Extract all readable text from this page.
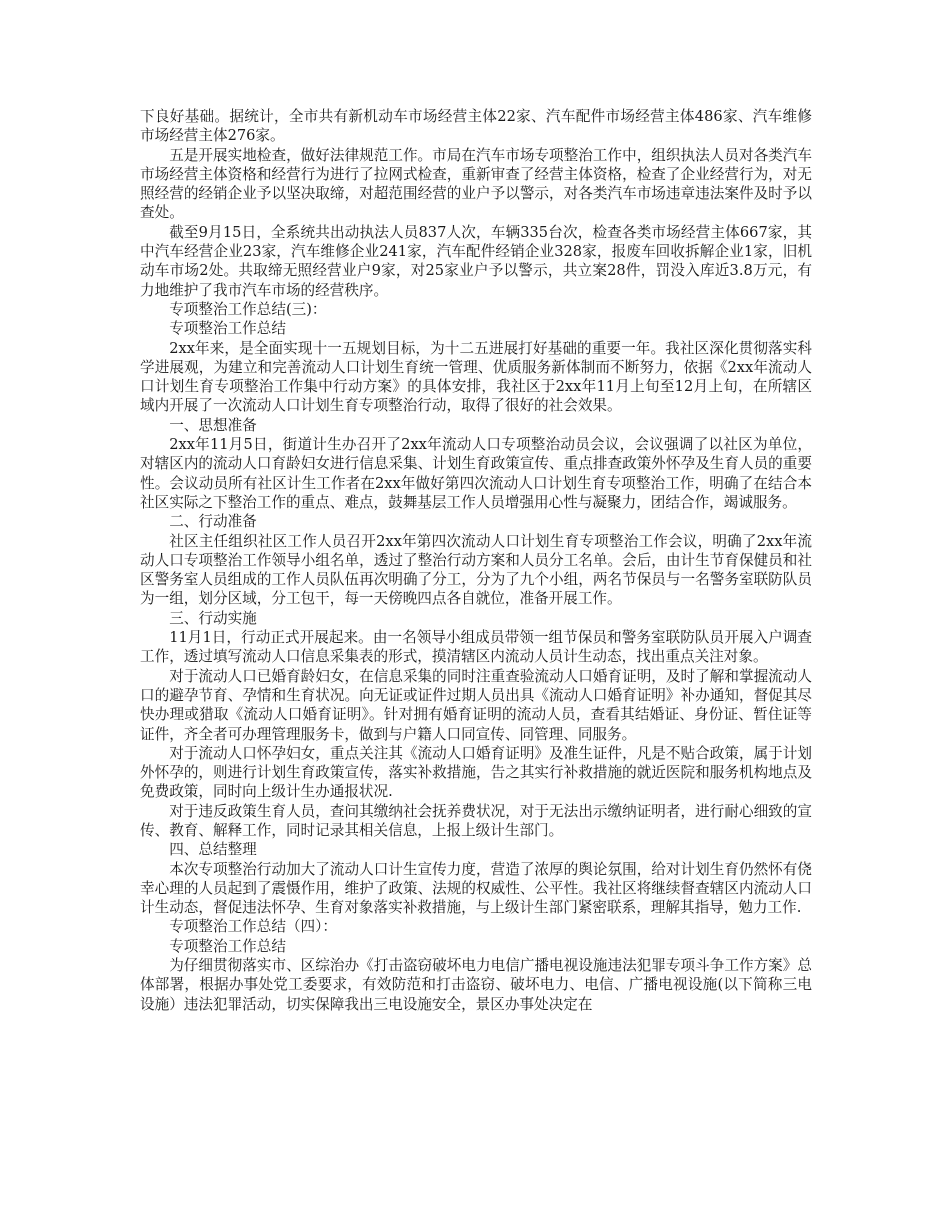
下良好基础。据统计，全市共有新机动车市场经营主体22家、汽车配件市场经营主体486家、汽车维修市场经营主体276家。

五是开展实地检查，做好法律规范工作。市局在汽车市场专项整治工作中，组织执法人员对各类汽车市场经营主体资格和经营行为进行了拉网式检查，重新审查了经营主体资格，检查了企业经营行为，对无照经营的经销企业予以坚决取缔，对超范围经营的业户予以警示，对各类汽车市场违章违法案件及时予以查处。

截至9月15日，全系统共出动执法人员837人次，车辆335台次，检查各类市场经营主体667家，其中汽车经营企业23家，汽车维修企业241家，汽车配件经销企业328家，报废车回收拆解企业1家，旧机动车市场2处。共取缔无照经营业户9家，对25家业户予以警示，共立案28件，罚没入库近3.8万元，有力地维护了我市汽车市场的经营秩序。

专项整治工作总结(三)：

专项整治工作总结

2xx年来，是全面实现十一五规划目标，为十二五进展打好基础的重要一年。我社区深化贯彻落实科学进展观，为建立和完善流动人口计划生育统一管理、优质服务新体制而不断努力，依据《2xx年流动人口计划生育专项整治工作集中行动方案》的具体安排，我社区于2xx年11月上旬至12月上旬，在所辖区域内开展了一次流动人口计划生育专项整治行动，取得了很好的社会效果。

一、思想准备

2xx年11月5日，街道计生办召开了2xx年流动人口专项整治动员会议，会议强调了以社区为单位，对辖区内的流动人口育龄妇女进行信息采集、计划生育政策宣传、重点排查政策外怀孕及生育人员的重要性。会议动员所有社区计生工作者在2xx年做好第四次流动人口计划生育专项整治工作，明确了在结合本社区实际之下整治工作的重点、难点，鼓舞基层工作人员增强用心性与凝聚力，团结合作，竭诚服务。

二、行动准备

社区主任组织社区工作人员召开2xx年第四次流动人口计划生育专项整治工作会议，明确了2xx年流动人口专项整治工作领导小组名单，透过了整治行动方案和人员分工名单。会后，由计生节育保健员和社区警务室人员组成的工作人员队伍再次明确了分工，分为了九个小组，两名节保员与一名警务室联防队员为一组，划分区域，分工包干，每一天傍晚四点各自就位，准备开展工作。

三、行动实施

11月1日，行动正式开展起来。由一名领导小组成员带领一组节保员和警务室联防队员开展入户调查工作，透过填写流动人口信息采集表的形式，摸清辖区内流动人员计生动态，找出重点关注对象。

对于流动人口已婚育龄妇女，在信息采集的同时注重查验流动人口婚育证明，及时了解和掌握流动人口的避孕节育、孕情和生育状况。向无证或证件过期人员出具《流动人口婚育证明》补办通知，督促其尽快办理或猎取《流动人口婚育证明》。针对拥有婚育证明的流动人员，查看其结婚证、身份证、暂住证等证件，齐全者可办理管理服务卡，做到与户籍人口同宣传、同管理、同服务。

对于流动人口怀孕妇女，重点关注其《流动人口婚育证明》及准生证件，凡是不贴合政策，属于计划外怀孕的，则进行计划生育政策宣传，落实补救措施，告之其实行补救措施的就近医院和服务机构地点及免费政策，同时向上级计生办通报状况.

对于违反政策生育人员，查问其缴纳社会抚养费状况，对于无法出示缴纳证明者，进行耐心细致的宣传、教育、解释工作，同时记录其相关信息，上报上级计生部门。

四、总结整理

本次专项整治行动加大了流动人口计生宣传力度，营造了浓厚的舆论氛围，给对计划生育仍然怀有侥幸心理的人员起到了震慑作用，维护了政策、法规的权威性、公平性。我社区将继续督查辖区内流动人口计生动态，督促违法怀孕、生育对象落实补救措施，与上级计生部门紧密联系，理解其指导，勉力工作.

专项整治工作总结（四）：

专项整治工作总结

为仔细贯彻落实市、区综治办《打击盗窃破坏电力电信广播电视设施违法犯罪专项斗争工作方案》总体部署，根据办事处党工委要求，有效防范和打击盗窃、破坏电力、电信、广播电视设施(以下简称三电设施）违法犯罪活动，切实保障我出三电设施安全，景区办事处决定在
